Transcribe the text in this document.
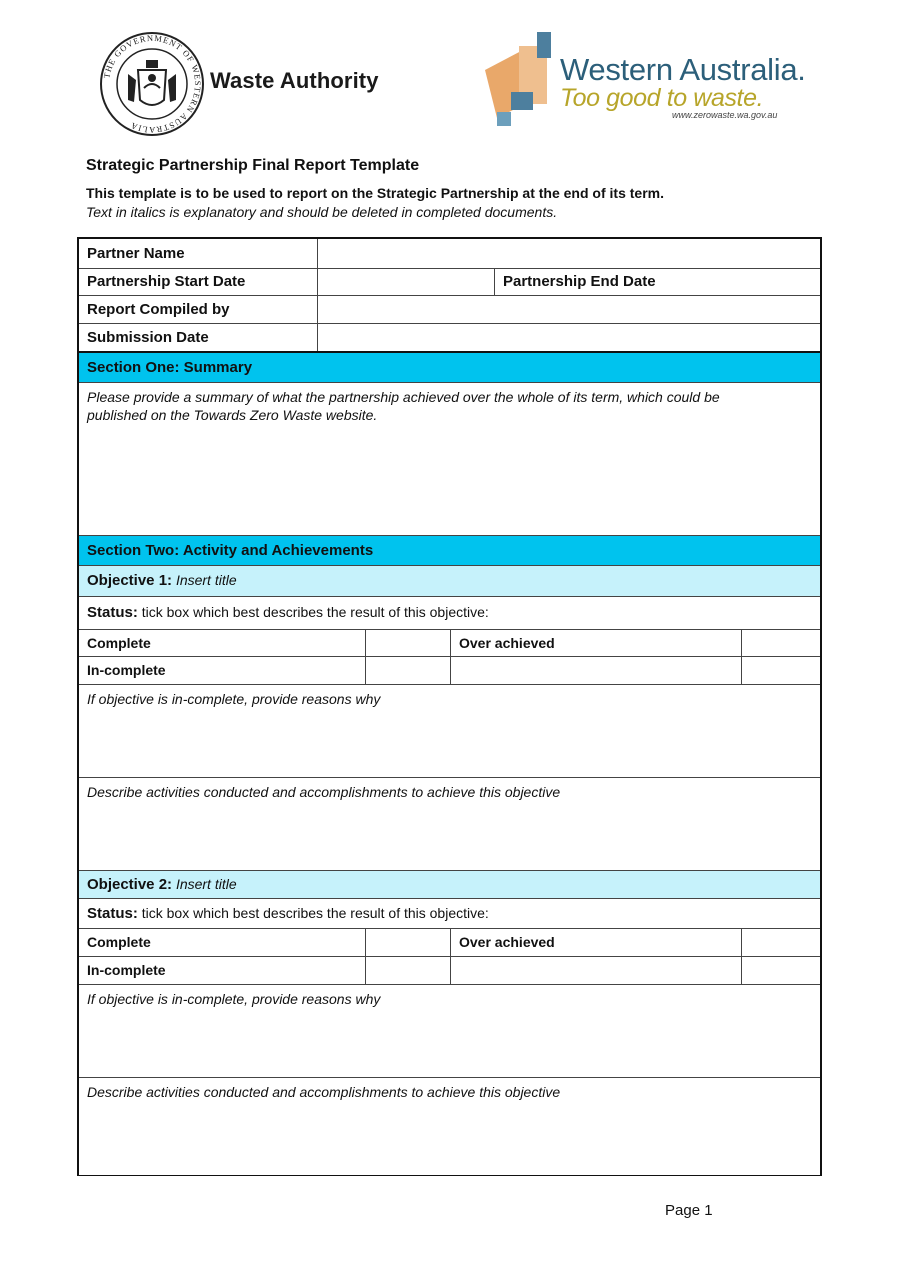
THE GOVERNMENT OF WESTERN AUSTRALIA
Waste Authority	Western Australia.
Too good to waste.
www.zerowaste.wa.gov.au
Strategic Partnership Final Report Template
This template is to be used to report on the Strategic Partnership at the end of its term.
Text in italics is explanatory and should be deleted in completed documents.
Partner Name
Partnership Start Date	Partnership End Date
Report Compiled by
Submission Date
Section One: Summary
Please provide a summary of what the partnership achieved over the whole of its term, which could be published on the Towards Zero Waste website.
Section Two: Activity and Achievements
Objective 1: Insert title
Status: tick box which best describes the result of this objective:
Complete	Over achieved
In-complete
If objective is in-complete, provide reasons why
Describe activities conducted and accomplishments to achieve this objective
Objective 2: Insert title
Status: tick box which best describes the result of this objective:
Complete	Over achieved
In-complete
If objective is in-complete, provide reasons why
Describe activities conducted and accomplishments to achieve this objective
Page 1
